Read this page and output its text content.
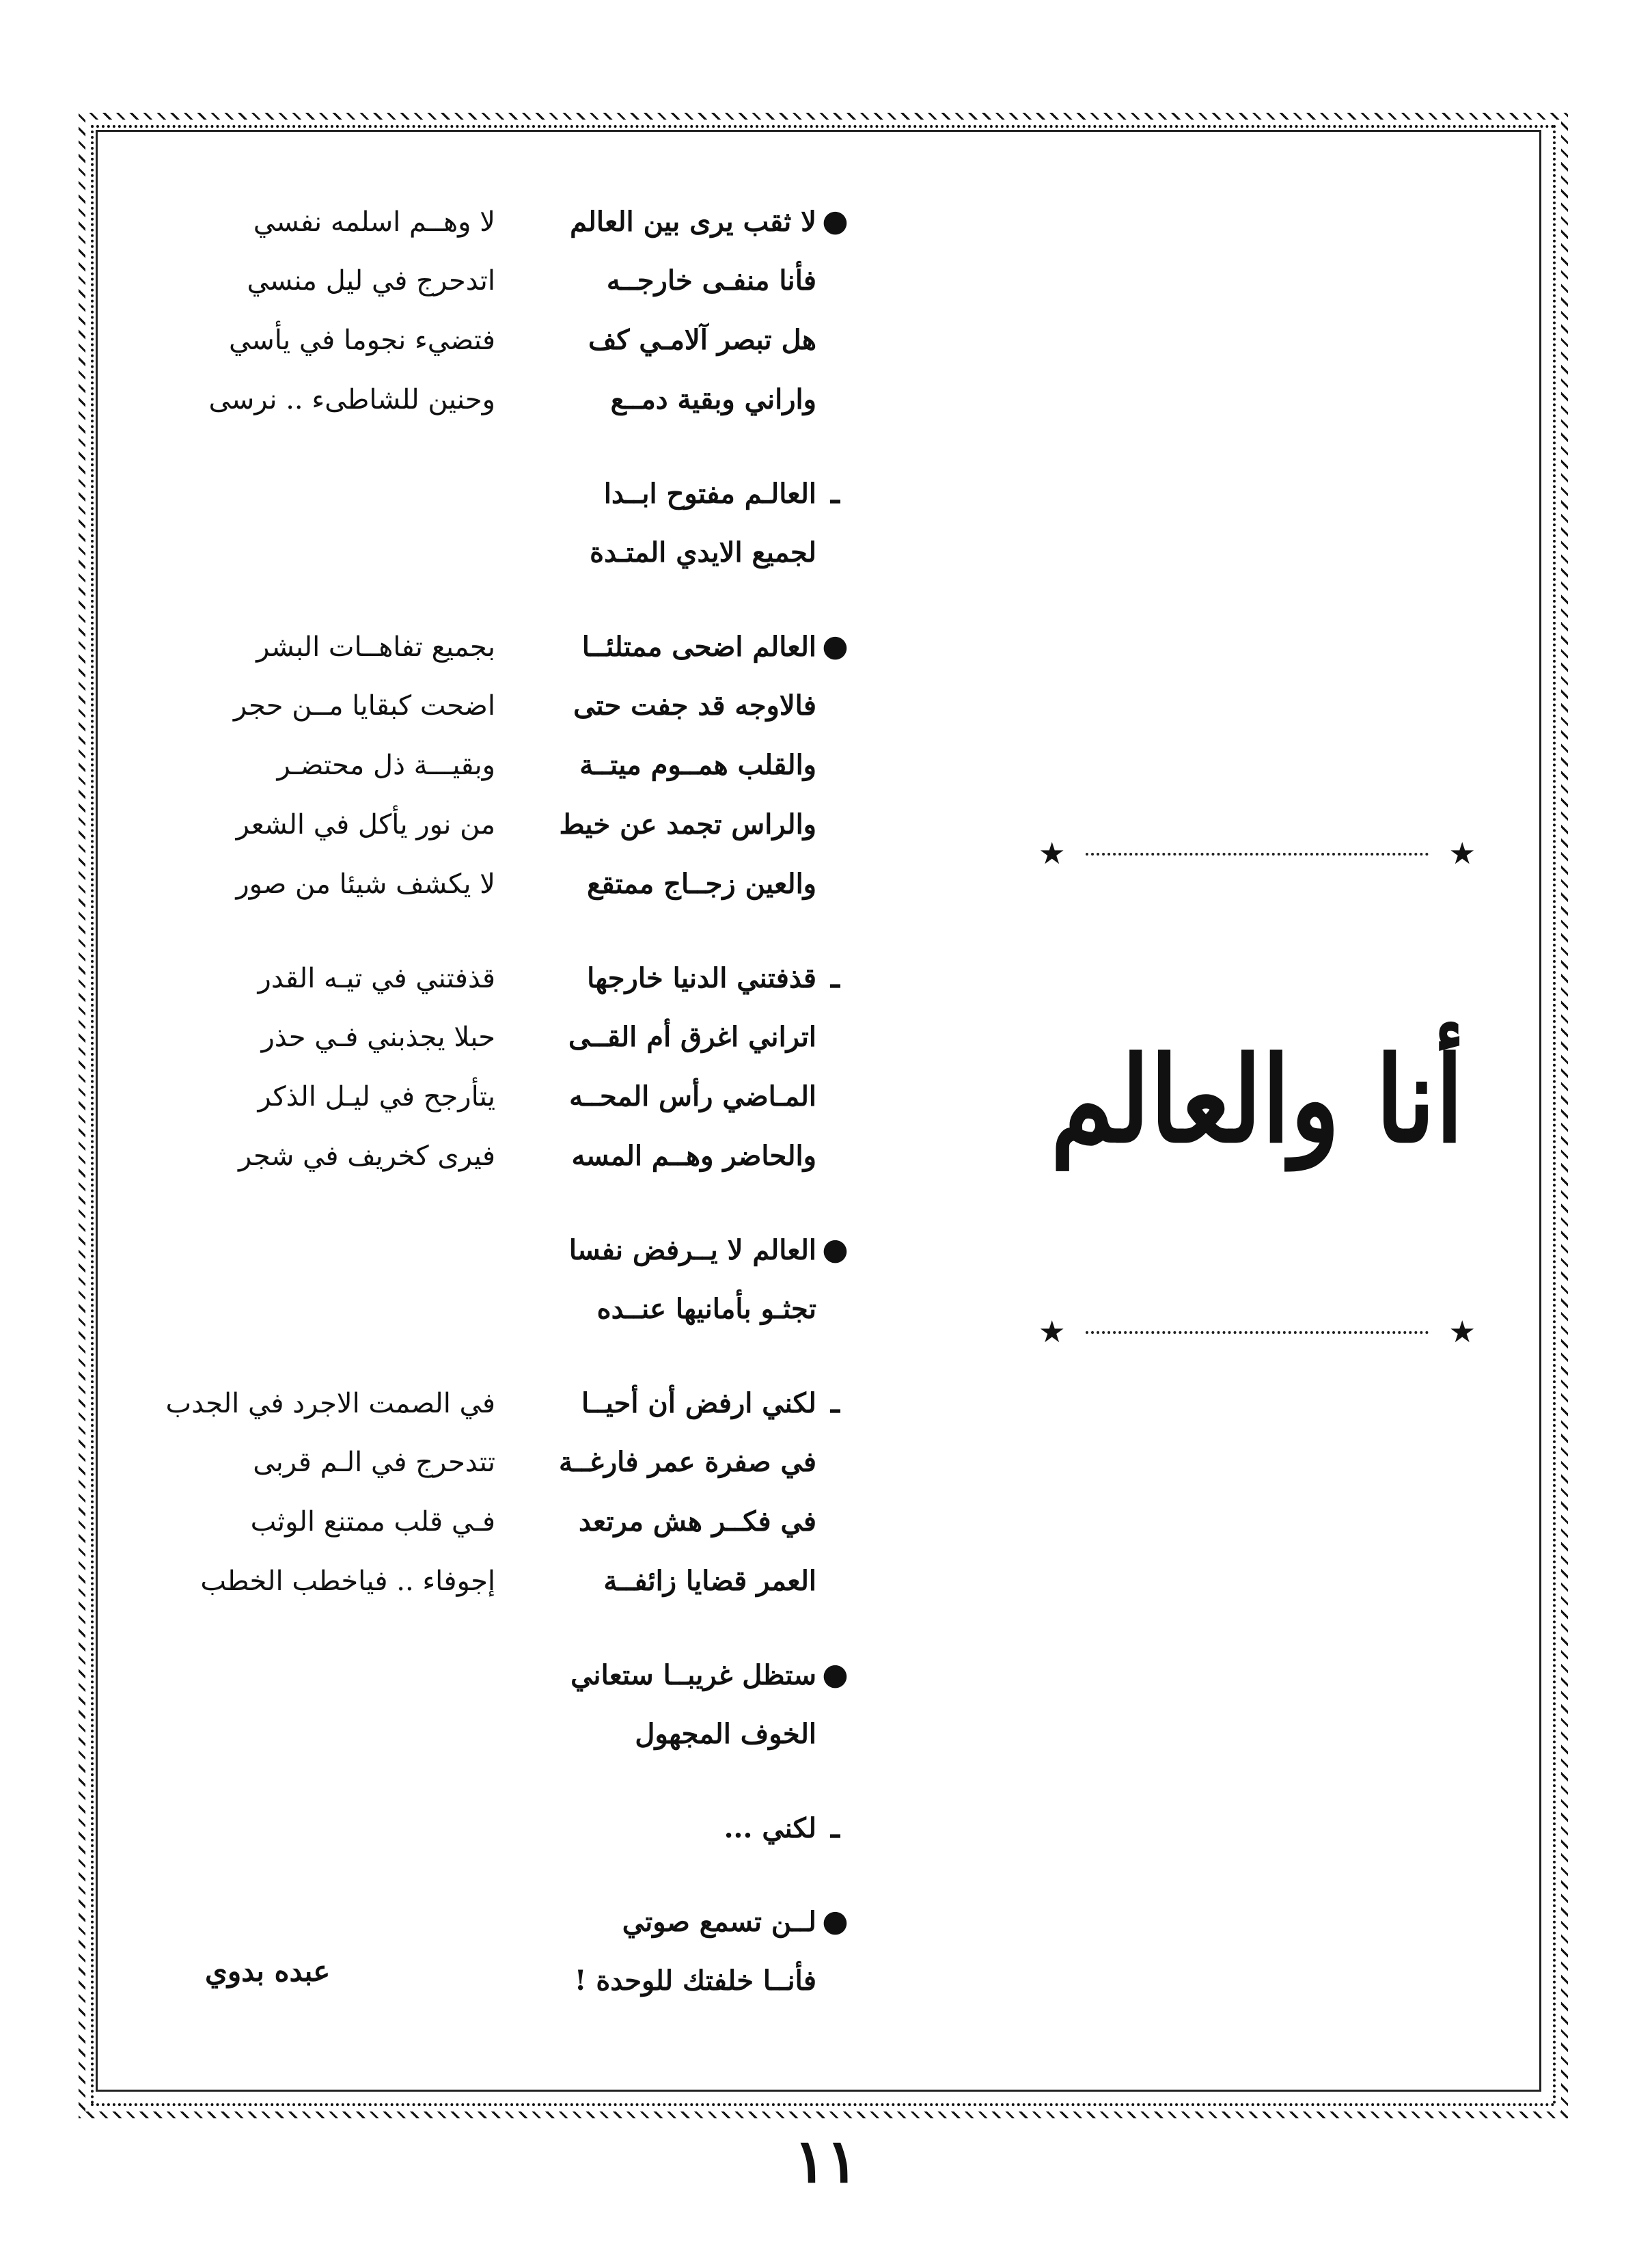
●
لا ثقب يرى بين العالم
لا وهــم اسلمه نفسي
فأنا منفـى خارجــه
اتدحرج في ليل منسي
هل تبصر آلامـي كف
فتضيء نجوما في يأسي
واراني وبقية دمــع
وحنين للشاطىء .. نرسى
ـ
العالـم مفتوح ابــدا
لجميع الايدي المتـدة
●
العالم اضحى ممتلئــا
بجميع تفاهــات البشر
فالاوجه قد جفت حتى
اضحت كبقايا مــن حجر
والقلب همــوم ميتــة
وبقيـــة ذل محتضـر
والراس تجمد عن خيط
من نور يأكل في الشعر
والعين زجــاج ممتقع
لا يكشف شيئا من صور
ـ
قذفتني الدنيا خارجها
قذفتني في تيـه القدر
اتراني اغرق أم القــى
حبلا يجذبني فـي حذر
المـاضي رأس المحــه
يتأرجح في ليـل الذكر
والحاضر وهــم المسه
فيرى كخريف في شجر
●
العالم لا يــرفض نفسا
تجثـو بأمانيها عنــده
ـ
لكني ارفض أن أحيــا
في الصمت الاجرد في الجدب
في صفرة عمر فارغــة
تتدحرج في الـم قربى
في فكــر هش مرتعد
فـي قلب ممتنع الوثب
العمر قضايا زائفــة
إجوفاء .. فياخطب الخطب
●
ستظل غريبــا ستعاني
الخوف المجهول
ـ
لكني ...
●
لــن تسمع صوتي
فأنــا خلفتك للوحدة !
★
★
أنا والعالم
★
★
عبده بدوي
١١
